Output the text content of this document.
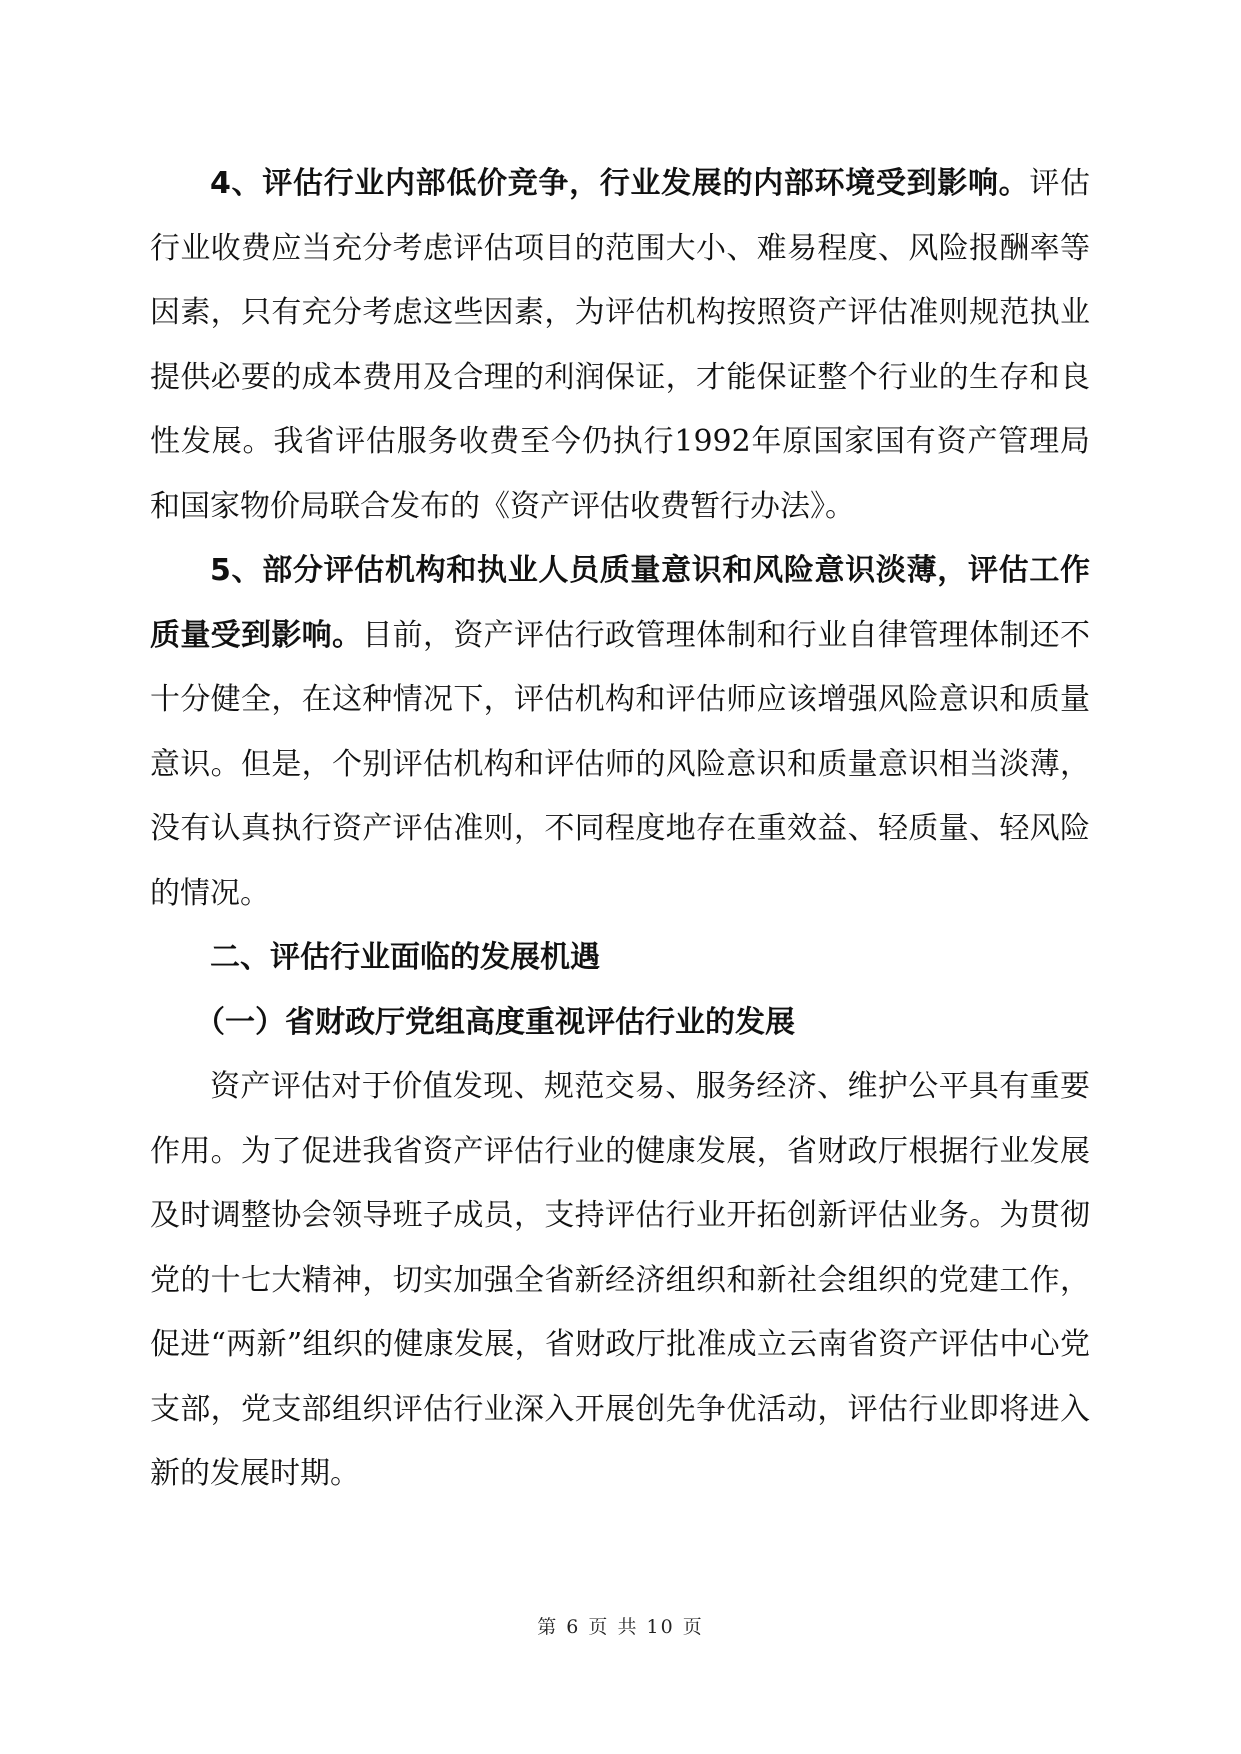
4、评估行业内部低价竞争，行业发展的内部环境受到影响。评估行业收费应当充分考虑评估项目的范围大小、难易程度、风险报酬率等因素，只有充分考虑这些因素，为评估机构按照资产评估准则规范执业提供必要的成本费用及合理的利润保证，才能保证整个行业的生存和良性发展。我省评估服务收费至今仍执行1992年原国家国有资产管理局和国家物价局联合发布的《资产评估收费暂行办法》。

5、部分评估机构和执业人员质量意识和风险意识淡薄，评估工作质量受到影响。目前，资产评估行政管理体制和行业自律管理体制还不十分健全，在这种情况下，评估机构和评估师应该增强风险意识和质量意识。但是，个别评估机构和评估师的风险意识和质量意识相当淡薄，没有认真执行资产评估准则，不同程度地存在重效益、轻质量、轻风险的情况。

二、评估行业面临的发展机遇

（一）省财政厅党组高度重视评估行业的发展

资产评估对于价值发现、规范交易、服务经济、维护公平具有重要作用。为了促进我省资产评估行业的健康发展，省财政厅根据行业发展及时调整协会领导班子成员，支持评估行业开拓创新评估业务。为贯彻党的十七大精神，切实加强全省新经济组织和新社会组织的党建工作，促进“两新”组织的健康发展，省财政厅批准成立云南省资产评估中心党支部，党支部组织评估行业深入开展创先争优活动，评估行业即将进入新的发展时期。

第 6 页 共 10 页
